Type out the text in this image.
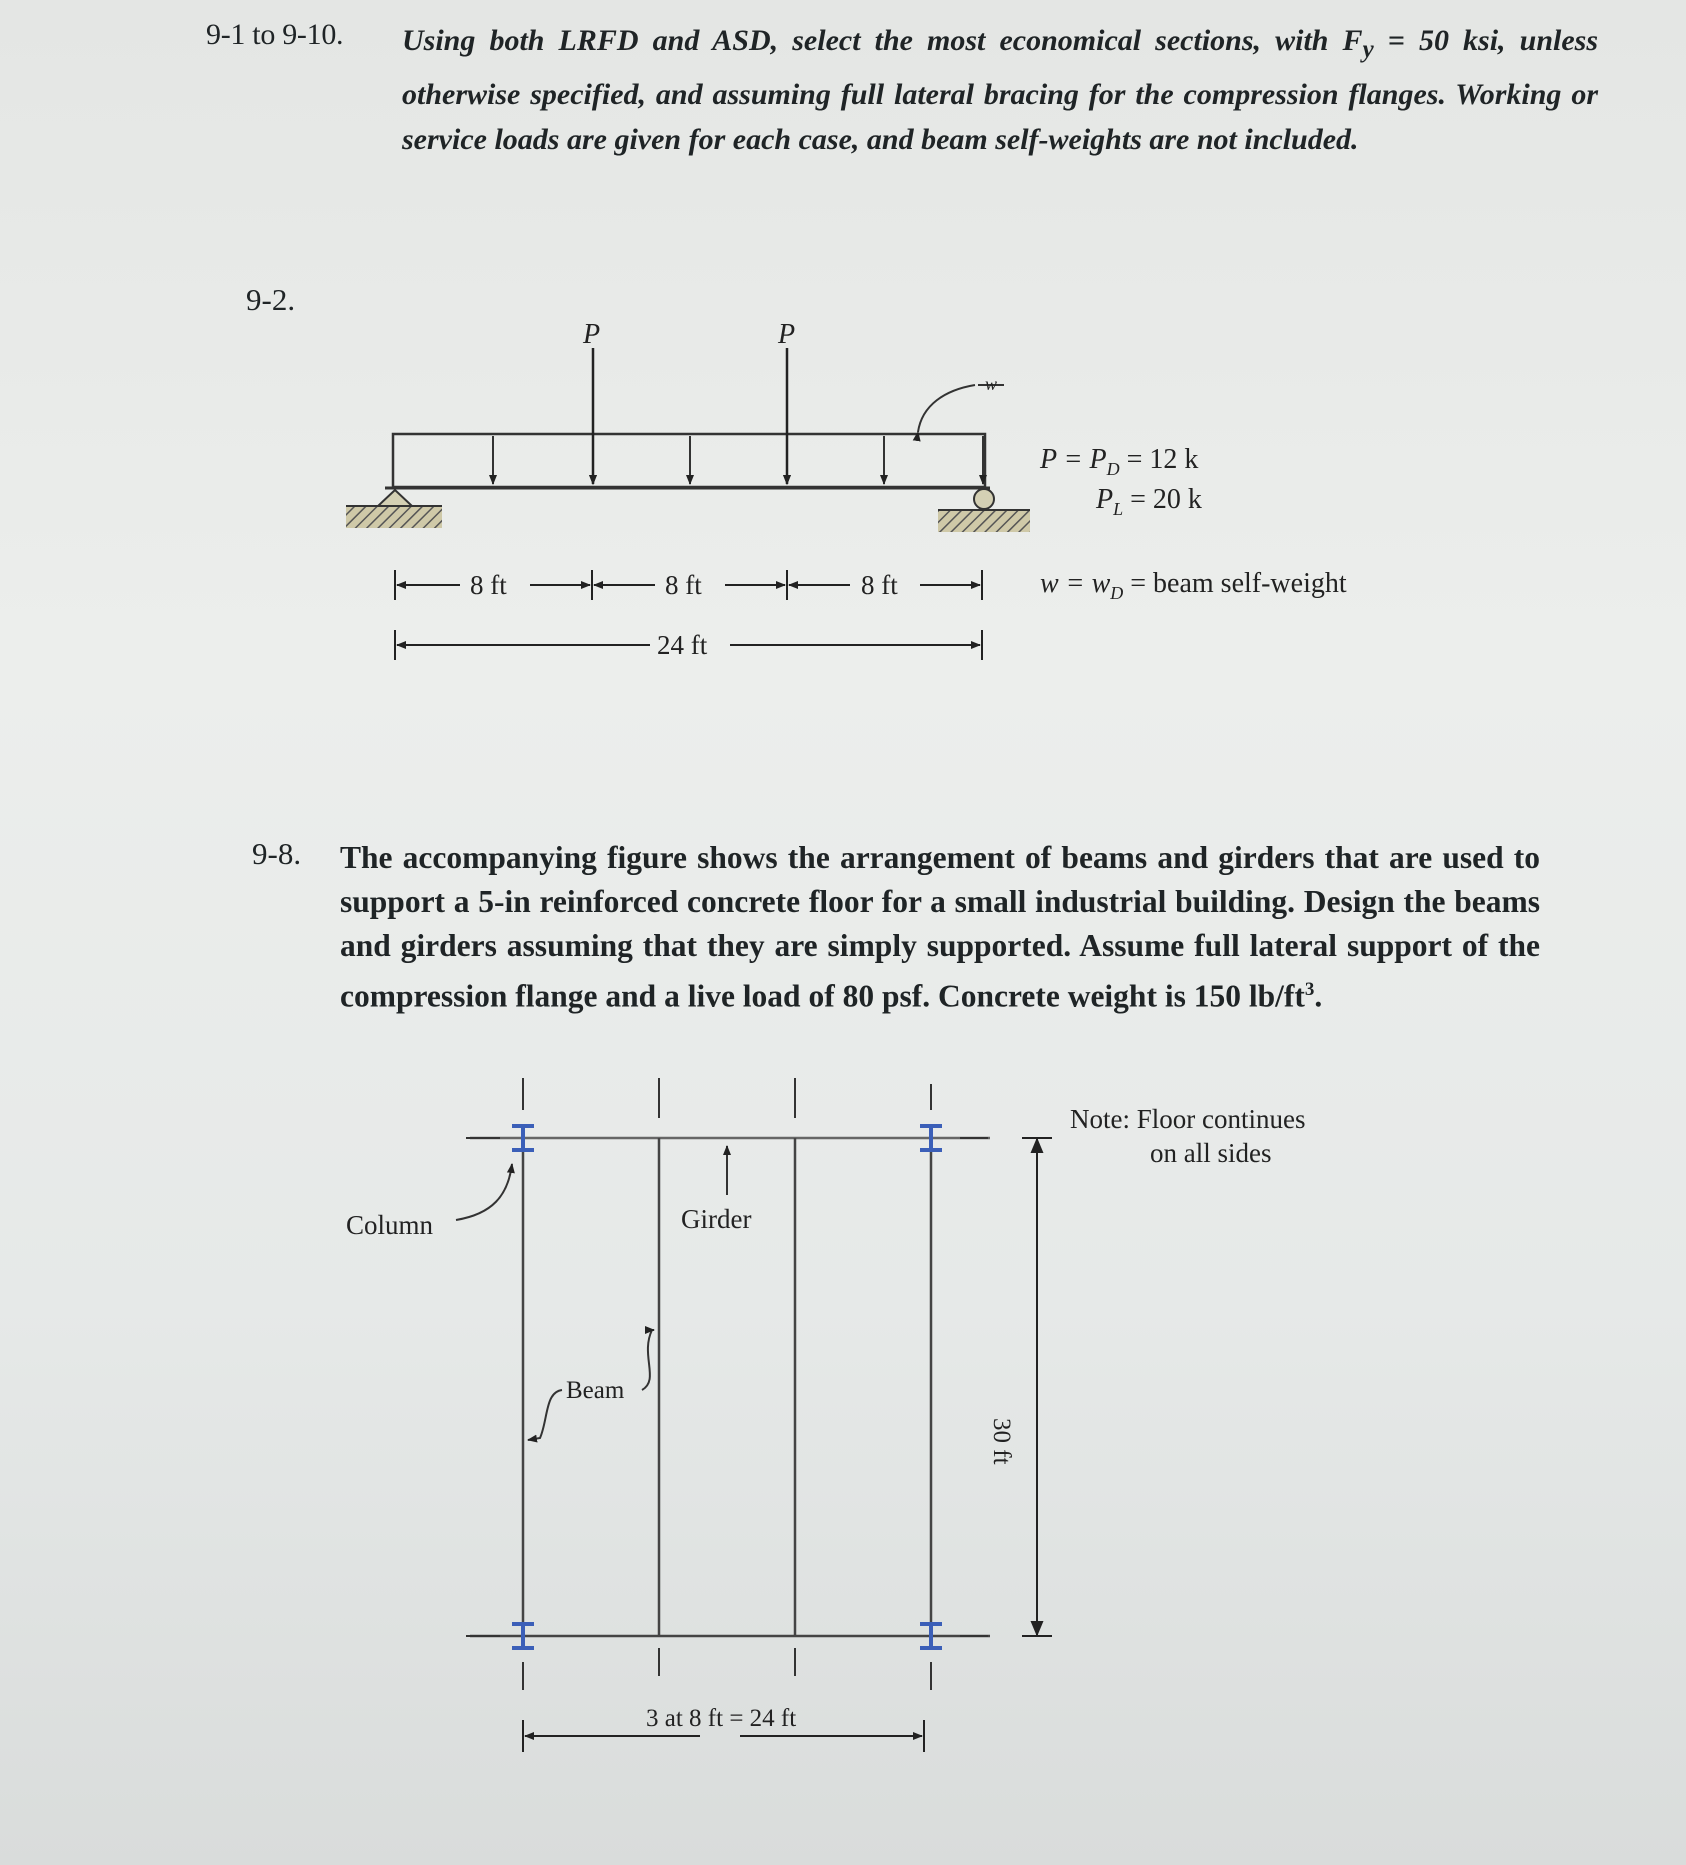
9-1 to 9-10. Using both LRFD and ASD, select the most economical sections, with $F_y = 50$ ksi, unless otherwise specified, and assuming full lateral bracing for the compression flanges. Working or service loads are given for each case, and beam self-weights are not included.

9-2.
9-8. The accompanying figure shows the arrangement of beams and girders that are used to support a 5-in reinforced concrete floor for a small industrial building. Design the beams and girders assuming that they are simply supported. Assume full lateral support of the compression flange and a live load of 80 psf. Concrete weight is 150 $lb/ft^3$.

P	P
w
8 ft	8 ft	8 ft
24 ft
$P = P_D = 12$ k
$P_L = 20$ k
$w = w_D$ = beam self-weight
Column	Girder
Beam
Note: Floor continues
on all sides
30 ft
3 at 8 ft = 24 ft
